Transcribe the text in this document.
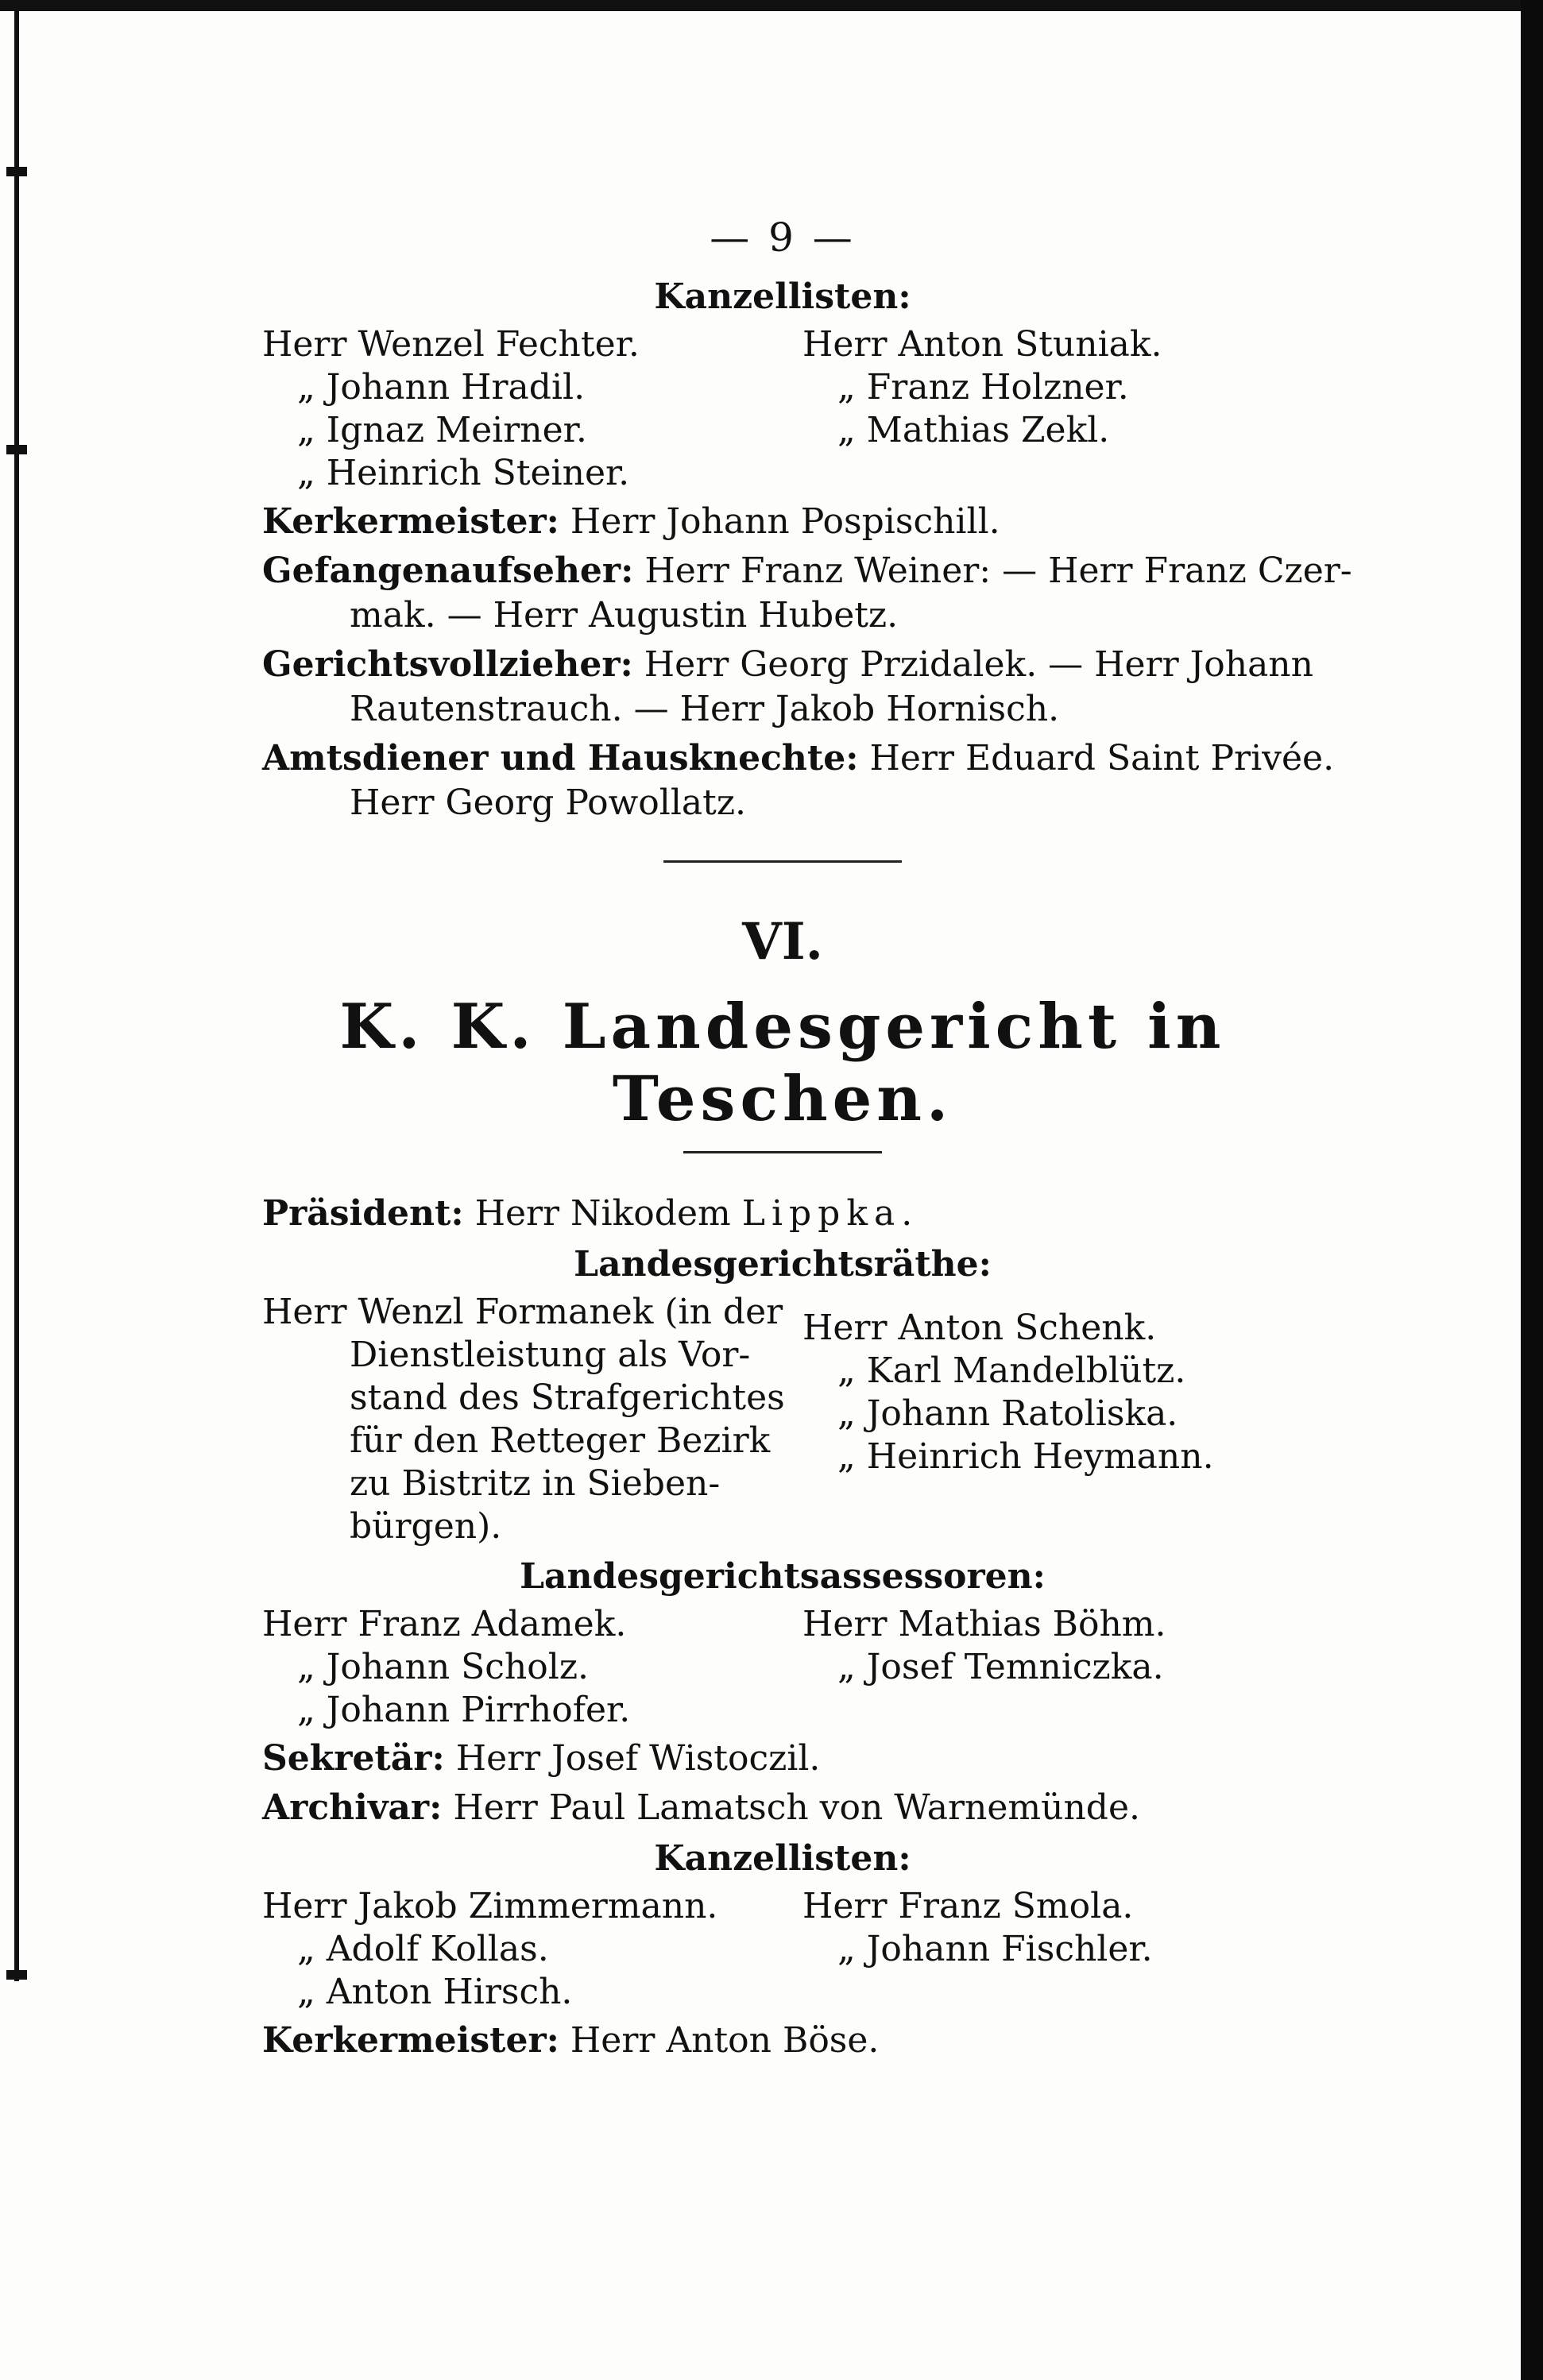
— 9 —
Kanzellisten:
Herr Wenzel Fechter.
„ Johann Hradil.
„ Ignaz Meirner.
„ Heinrich Steiner.
Herr Anton Stuniak.
„ Franz Holzner.
„ Mathias Zekl.
Kerkermeister: Herr Johann Pospischill.
Gefangenaufseher: Herr Franz Weiner: — Herr Franz Czer-
mak. — Herr Augustin Hubetz.
Gerichtsvollzieher: Herr Georg Przidalek. — Herr Johann
Rautenstrauch. — Herr Jakob Hornisch.
Amtsdiener und Hausknechte: Herr Eduard Saint Privée.
Herr Georg Powollatz.
VI.
K. K. Landesgericht in Teschen.
Präsident: Herr Nikodem Lippka.
Landesgerichtsräthe:
Herr Wenzl Formanek (in der
Dienstleistung als Vor-
stand des Strafgerichtes
für den Retteger Bezirk
zu Bistritz in Sieben-
bürgen).
Herr Anton Schenk.
„ Karl Mandelblütz.
„ Johann Ratoliska.
„ Heinrich Heymann.
Landesgerichtsassessoren:
Herr Franz Adamek.
„ Johann Scholz.
„ Johann Pirrhofer.
Herr Mathias Böhm.
„ Josef Temniczka.
Sekretär: Herr Josef Wistoczil.
Archivar: Herr Paul Lamatsch von Warnemünde.
Kanzellisten:
Herr Jakob Zimmermann.
„ Adolf Kollas.
„ Anton Hirsch.
Herr Franz Smola.
„ Johann Fischler.
Kerkermeister: Herr Anton Böse.
